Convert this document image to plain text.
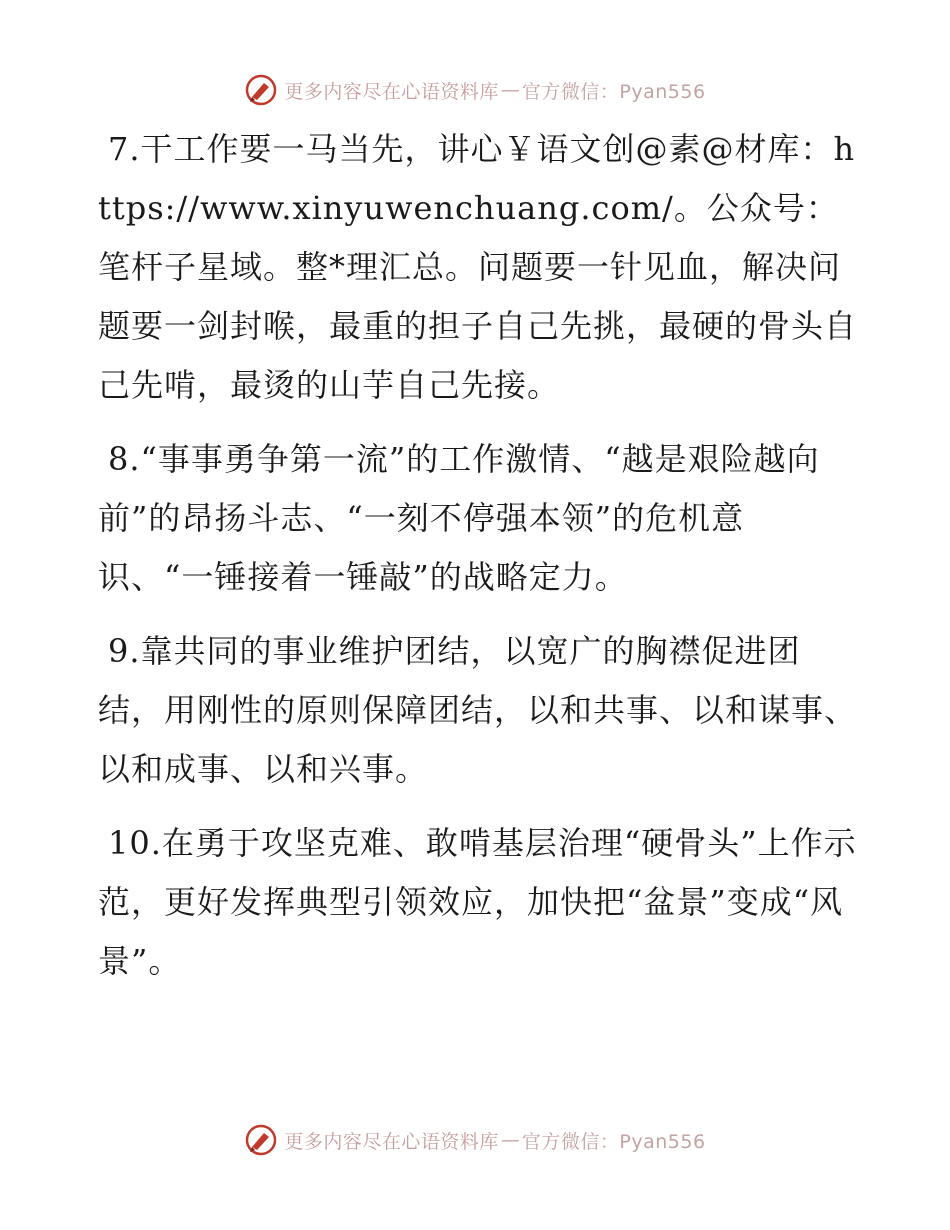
更多内容尽在心语资料库 — 官方微信：Pyan556

7.干工作要一马当先，讲心￥语文创@素@材库：https://www.xinyuwenchuang.com/。公众号：笔杆子星域。整*理汇总。问题要一针见血，解决问题要一剑封喉，最重的担子自己先挑，最硬的骨头自己先啃，最烫的山芋自己先接。

8.“事事勇争第一流”的工作激情、“越是艰险越向前”的昂扬斗志、“一刻不停强本领”的危机意识、“一锤接着一锤敲”的战略定力。

9.靠共同的事业维护团结，以宽广的胸襟促进团结，用刚性的原则保障团结，以和共事、以和谋事、以和成事、以和兴事。

10.在勇于攻坚克难、敢啃基层治理“硬骨头”上作示范，更好发挥典型引领效应，加快把“盆景”变成“风景”。

更多内容尽在心语资料库 — 官方微信：Pyan556
